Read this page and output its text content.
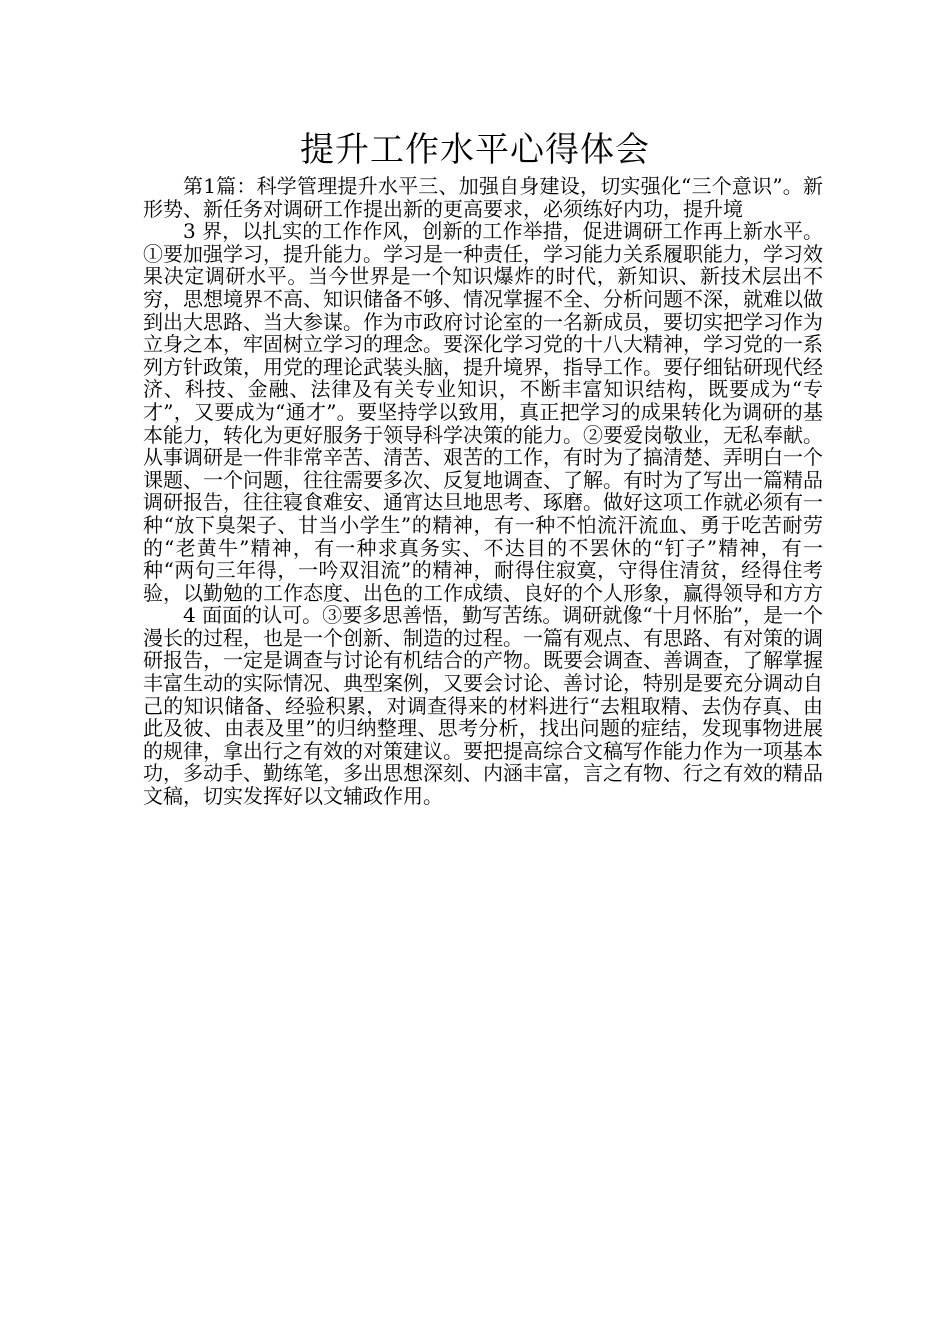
提升工作水平心得体会

第1篇：科学管理提升水平三、加强自身建设，切实强化“三个意识”。新形势、新任务对调研工作提出新的更高要求，必须练好内功，提升境

3 界，以扎实的工作作风，创新的工作举措，促进调研工作再上新水平。①要加强学习，提升能力。学习是一种责任，学习能力关系履职能力，学习效果决定调研水平。当今世界是一个知识爆炸的时代，新知识、新技术层出不穷，思想境界不高、知识储备不够、情况掌握不全、分析问题不深，就难以做到出大思路、当大参谋。作为市政府讨论室的一名新成员，要切实把学习作为立身之本，牢固树立学习的理念。要深化学习党的十八大精神，学习党的一系列方针政策，用党的理论武装头脑，提升境界，指导工作。要仔细钻研现代经济、科技、金融、法律及有关专业知识，不断丰富知识结构，既要成为“专才”，又要成为“通才”。要坚持学以致用，真正把学习的成果转化为调研的基本能力，转化为更好服务于领导科学决策的能力。②要爱岗敬业，无私奉献。从事调研是一件非常辛苦、清苦、艰苦的工作，有时为了搞清楚、弄明白一个课题、一个问题，往往需要多次、反复地调查、了解。有时为了写出一篇精品调研报告，往往寝食难安、通宵达旦地思考、琢磨。做好这项工作就必须有一种“放下臭架子、甘当小学生”的精神，有一种不怕流汗流血、勇于吃苦耐劳的“老黄牛”精神，有一种求真务实、不达目的不罢休的“钉子”精神，有一种“两句三年得，一吟双泪流”的精神，耐得住寂寞，守得住清贫，经得住考验，以勤勉的工作态度、出色的工作成绩、良好的个人形象，赢得领导和方方

4 面面的认可。③要多思善悟，勤写苦练。调研就像“十月怀胎”，是一个漫长的过程，也是一个创新、制造的过程。一篇有观点、有思路、有对策的调研报告，一定是调查与讨论有机结合的产物。既要会调查、善调查，了解掌握丰富生动的实际情况、典型案例，又要会讨论、善讨论，特别是要充分调动自己的知识储备、经验积累，对调查得来的材料进行“去粗取精、去伪存真、由此及彼、由表及里”的归纳整理、思考分析，找出问题的症结，发现事物进展的规律，拿出行之有效的对策建议。要把提高综合文稿写作能力作为一项基本功，多动手、勤练笔，多出思想深刻、内涵丰富，言之有物、行之有效的精品文稿，切实发挥好以文辅政作用。
